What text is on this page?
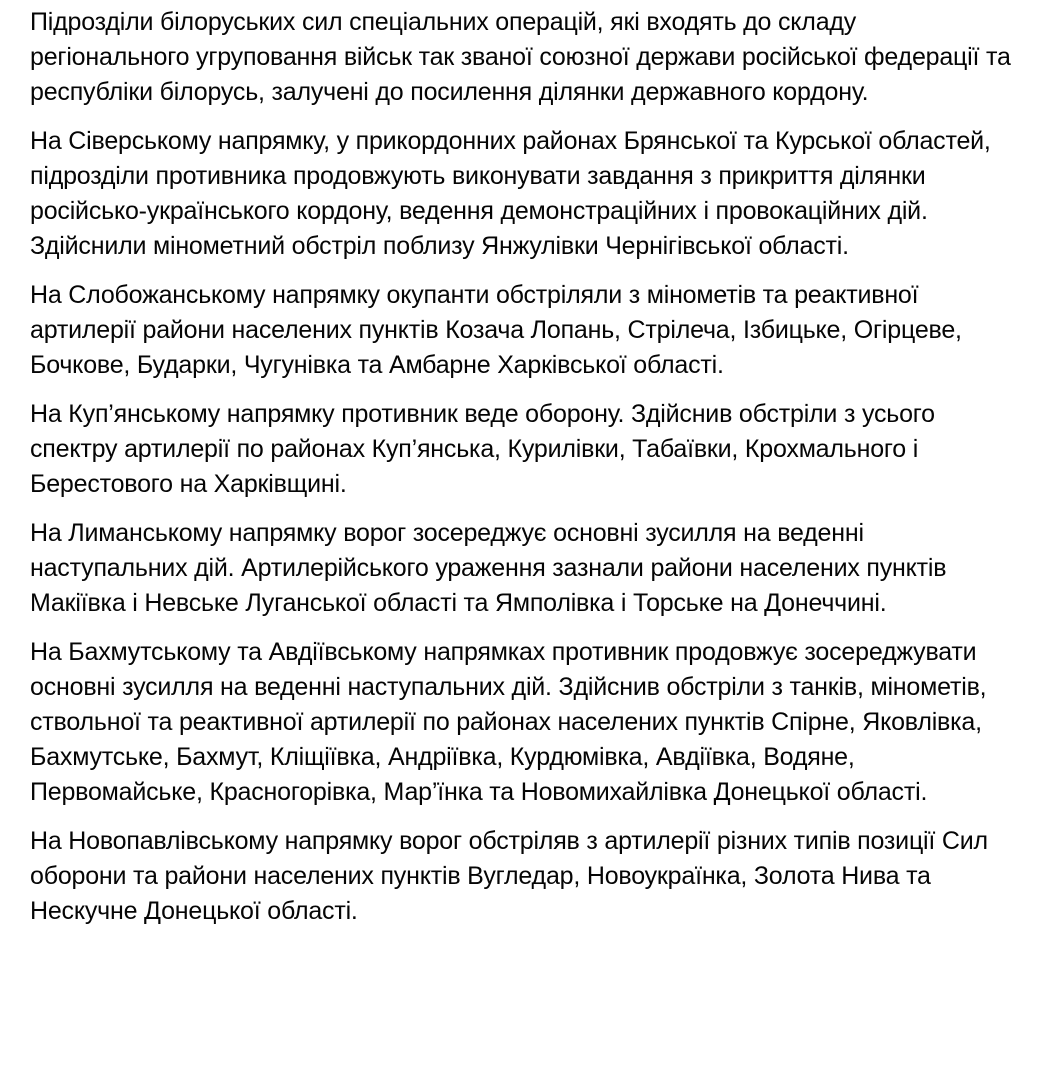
Підрозділи білоруських сил спеціальних операцій, які входять до складу регіонального угруповання військ так званої союзної держави російської федерації та республіки білорусь, залучені до посилення ділянки державного кордону.

На Сіверському напрямку, у прикордонних районах Брянської та Курської областей, підрозділи противника продовжують виконувати завдання з прикриття ділянки російсько-українського кордону, ведення демонстраційних і провокаційних дій. Здійснили мінометний обстріл поблизу Янжулівки Чернігівської області.

На Слобожанському напрямку окупанти обстріляли з мінометів та реактивної артилерії райони населених пунктів Козача Лопань, Стрілеча, Ізбицьке, Огірцеве, Бочкове, Бударки, Чугунівка та Амбарне Харківської області.

На Куп’янському напрямку противник веде оборону. Здійснив обстріли з усього спектру артилерії по районах Куп’янська, Курилівки, Табаївки, Крохмального і Берестового на Харківщині.

На Лиманському напрямку ворог зосереджує основні зусилля на веденні наступальних дій. Артилерійського ураження зазнали райони населених пунктів Макіївка і Невське Луганської області та Ямполівка і Торське на Донеччині.

На Бахмутському та Авдіївському напрямках противник продовжує зосереджувати основні зусилля на веденні наступальних дій. Здійснив обстріли з танків, мінометів, ствольної та реактивної артилерії по районах населених пунктів Спірне, Яковлівка, Бахмутське, Бахмут, Кліщіївка, Андріївка, Курдюмівка, Авдіївка, Водяне, Первомайське, Красногорівка, Мар’їнка та Новомихайлівка Донецької області.

На Новопавлівському напрямку ворог обстріляв з артилерії різних типів позиції Сил оборони та райони населених пунктів Вугледар, Новоукраїнка, Золота Нива та Нескучне Донецької області.
